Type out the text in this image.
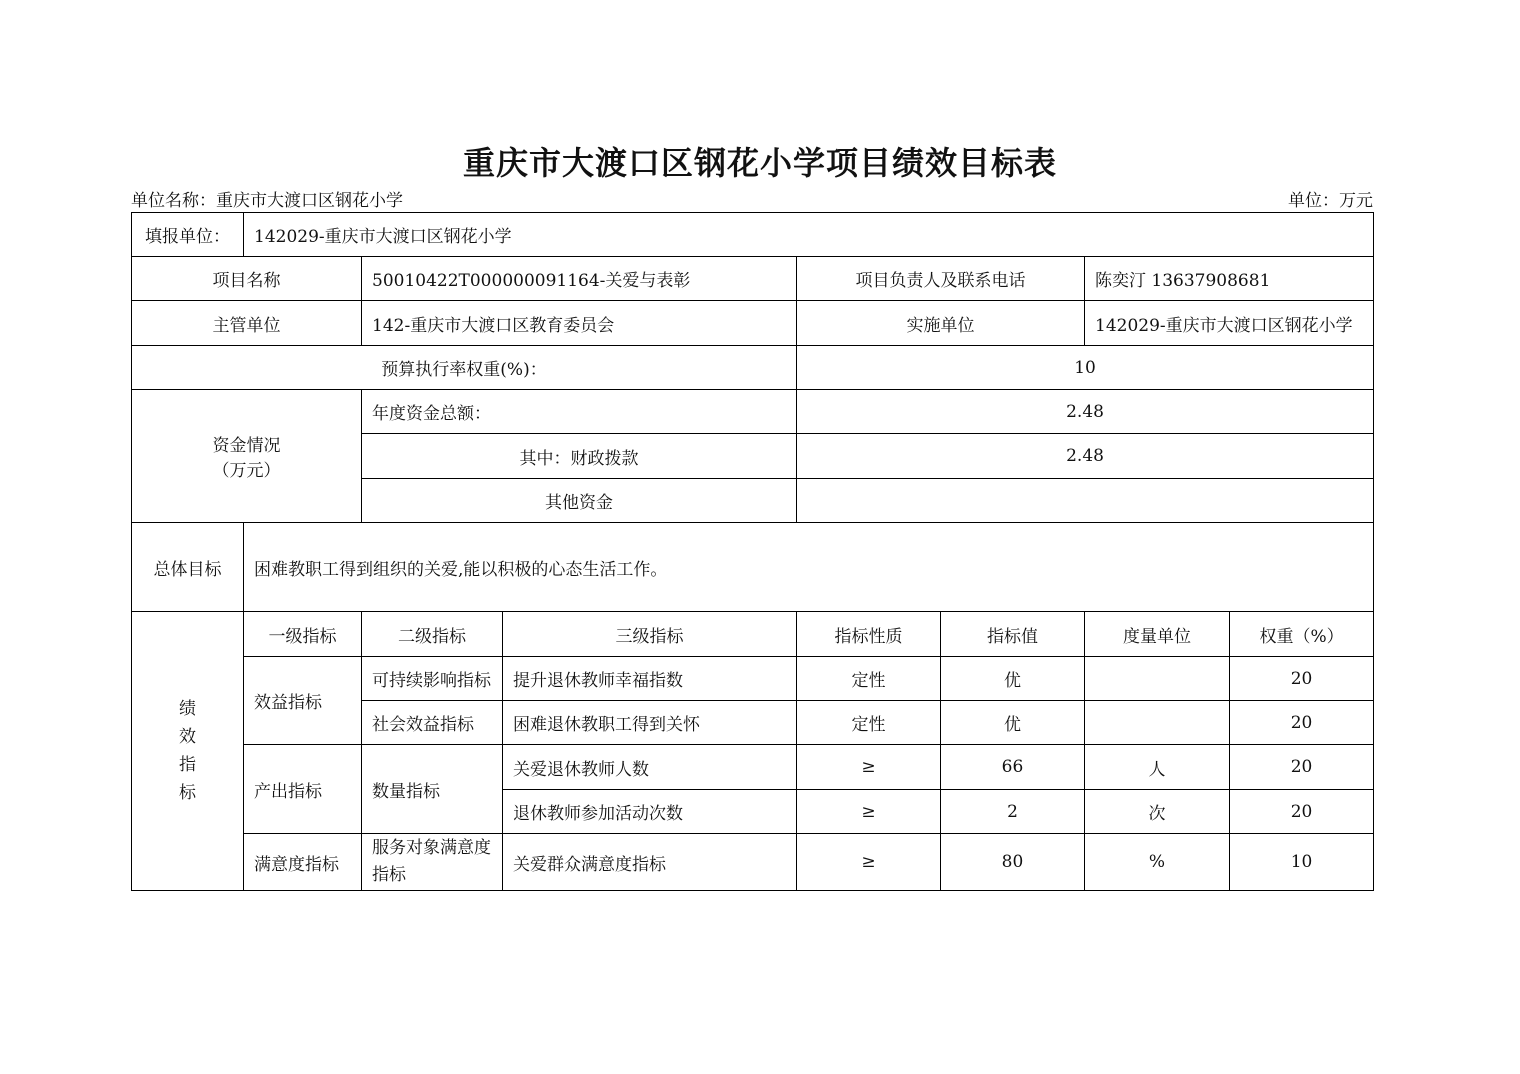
重庆市大渡口区钢花小学项目绩效目标表
单位名称：重庆市大渡口区钢花小学	单位：万元
填报单位：	142029-重庆市大渡口区钢花小学						
项目名称		50010422T000000091164-关爱与表彰		项目负责人及联系电话		陈奕汀 13637908681	
主管单位		142-重庆市大渡口区教育委员会		实施单位		142029-重庆市大渡口区钢花小学	
预算执行率权重(%)：				10			

资金情况
（万元）		年度资金总额：		2.48			
		其中：财政拨款		2.48			
		其他资金					
总体目标	困难教职工得到组织的关爱,能以积极的心态生活工作。						

绩
效
指
标	一级指标	二级指标	三级指标	指标性质	指标值	度量单位	权重（%）
	效益指标	可持续影响指标	提升退休教师幸福指数	定性	优		20
		社会效益指标	困难退休教职工得到关怀	定性	优		20
	产出指标	数量指标	关爱退休教师人数	≥	66	人	20
			退休教师参加活动次数	≥	2	次	20
	满意度指标	服务对象满意度指标	关爱群众满意度指标	≥	80	%	10
